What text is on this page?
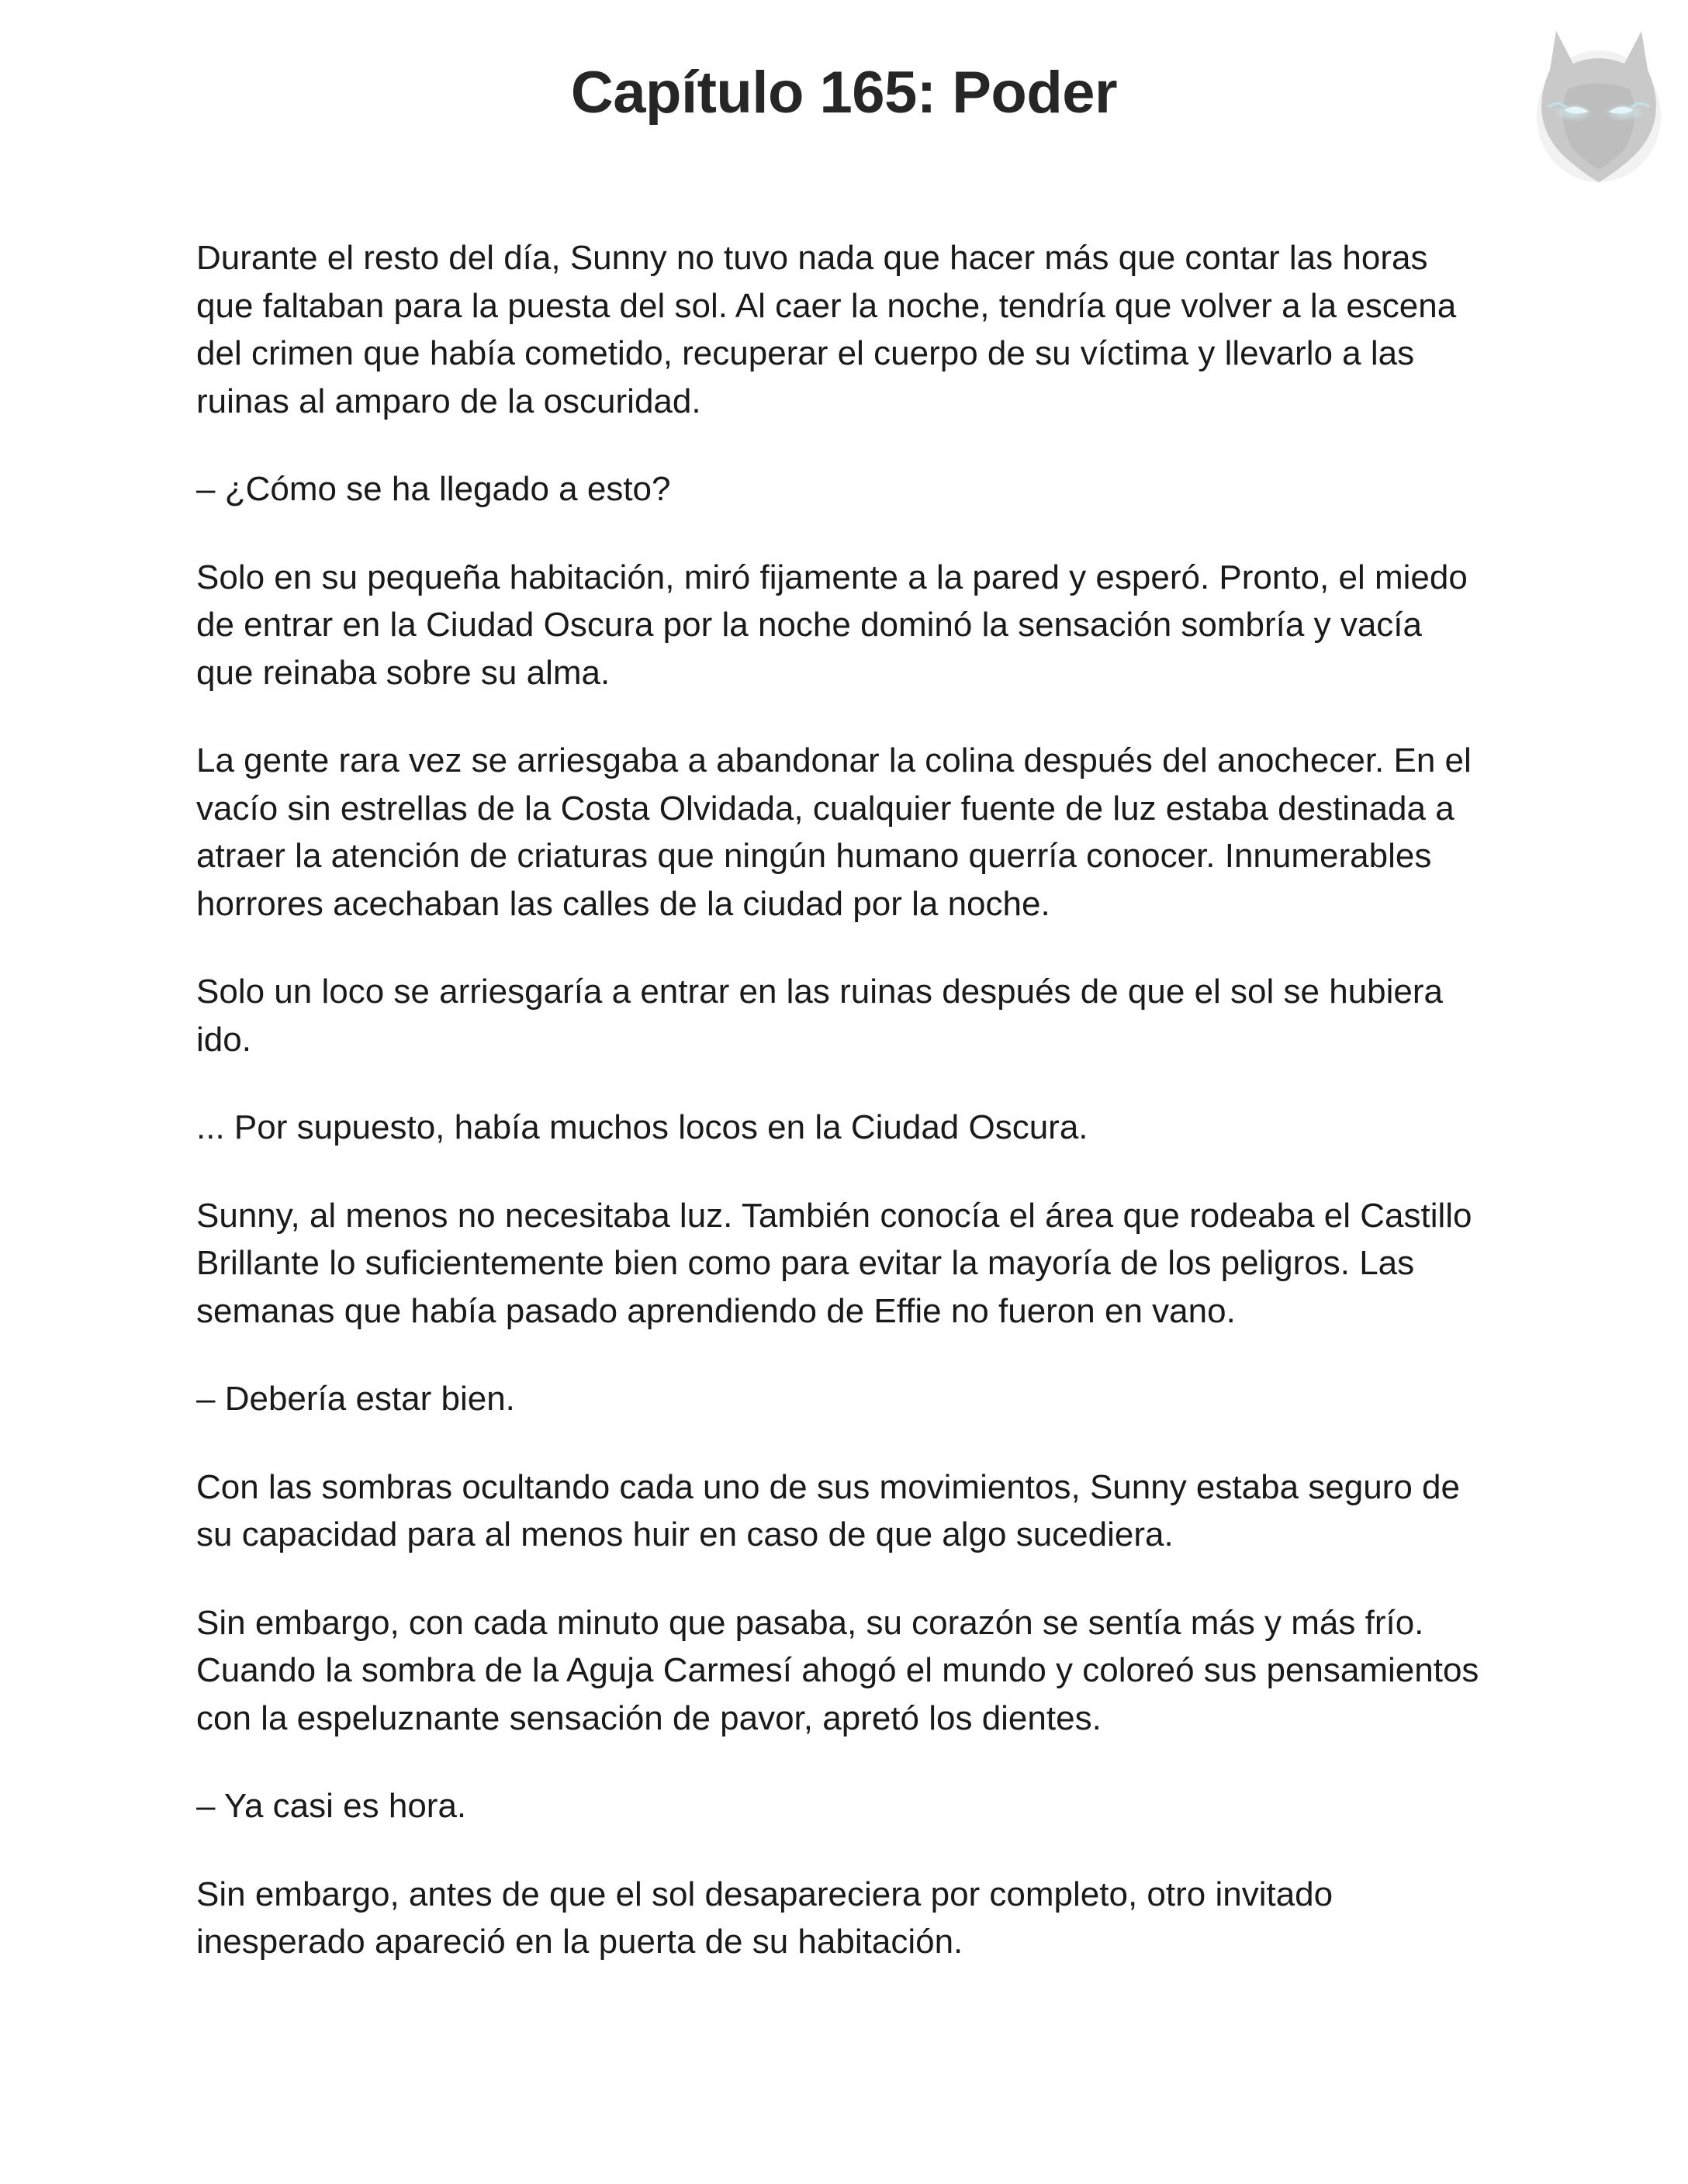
Capítulo 165: Poder

Durante el resto del día, Sunny no tuvo nada que hacer más que contar las horas que faltaban para la puesta del sol. Al caer la noche, tendría que volver a la escena del crimen que había cometido, recuperar el cuerpo de su víctima y llevarlo a las ruinas al amparo de la oscuridad.

– ¿Cómo se ha llegado a esto?

Solo en su pequeña habitación, miró fijamente a la pared y esperó. Pronto, el miedo de entrar en la Ciudad Oscura por la noche dominó la sensación sombría y vacía que reinaba sobre su alma.

La gente rara vez se arriesgaba a abandonar la colina después del anochecer. En el vacío sin estrellas de la Costa Olvidada, cualquier fuente de luz estaba destinada a atraer la atención de criaturas que ningún humano querría conocer. Innumerables horrores acechaban las calles de la ciudad por la noche.

Solo un loco se arriesgaría a entrar en las ruinas después de que el sol se hubiera ido.

... Por supuesto, había muchos locos en la Ciudad Oscura.

Sunny, al menos no necesitaba luz. También conocía el área que rodeaba el Castillo Brillante lo suficientemente bien como para evitar la mayoría de los peligros. Las semanas que había pasado aprendiendo de Effie no fueron en vano.

– Debería estar bien.

Con las sombras ocultando cada uno de sus movimientos, Sunny estaba seguro de su capacidad para al menos huir en caso de que algo sucediera.

Sin embargo, con cada minuto que pasaba, su corazón se sentía más y más frío. Cuando la sombra de la Aguja Carmesí ahogó el mundo y coloreó sus pensamientos con la espeluznante sensación de pavor, apretó los dientes.

– Ya casi es hora.

Sin embargo, antes de que el sol desapareciera por completo, otro invitado inesperado apareció en la puerta de su habitación.
